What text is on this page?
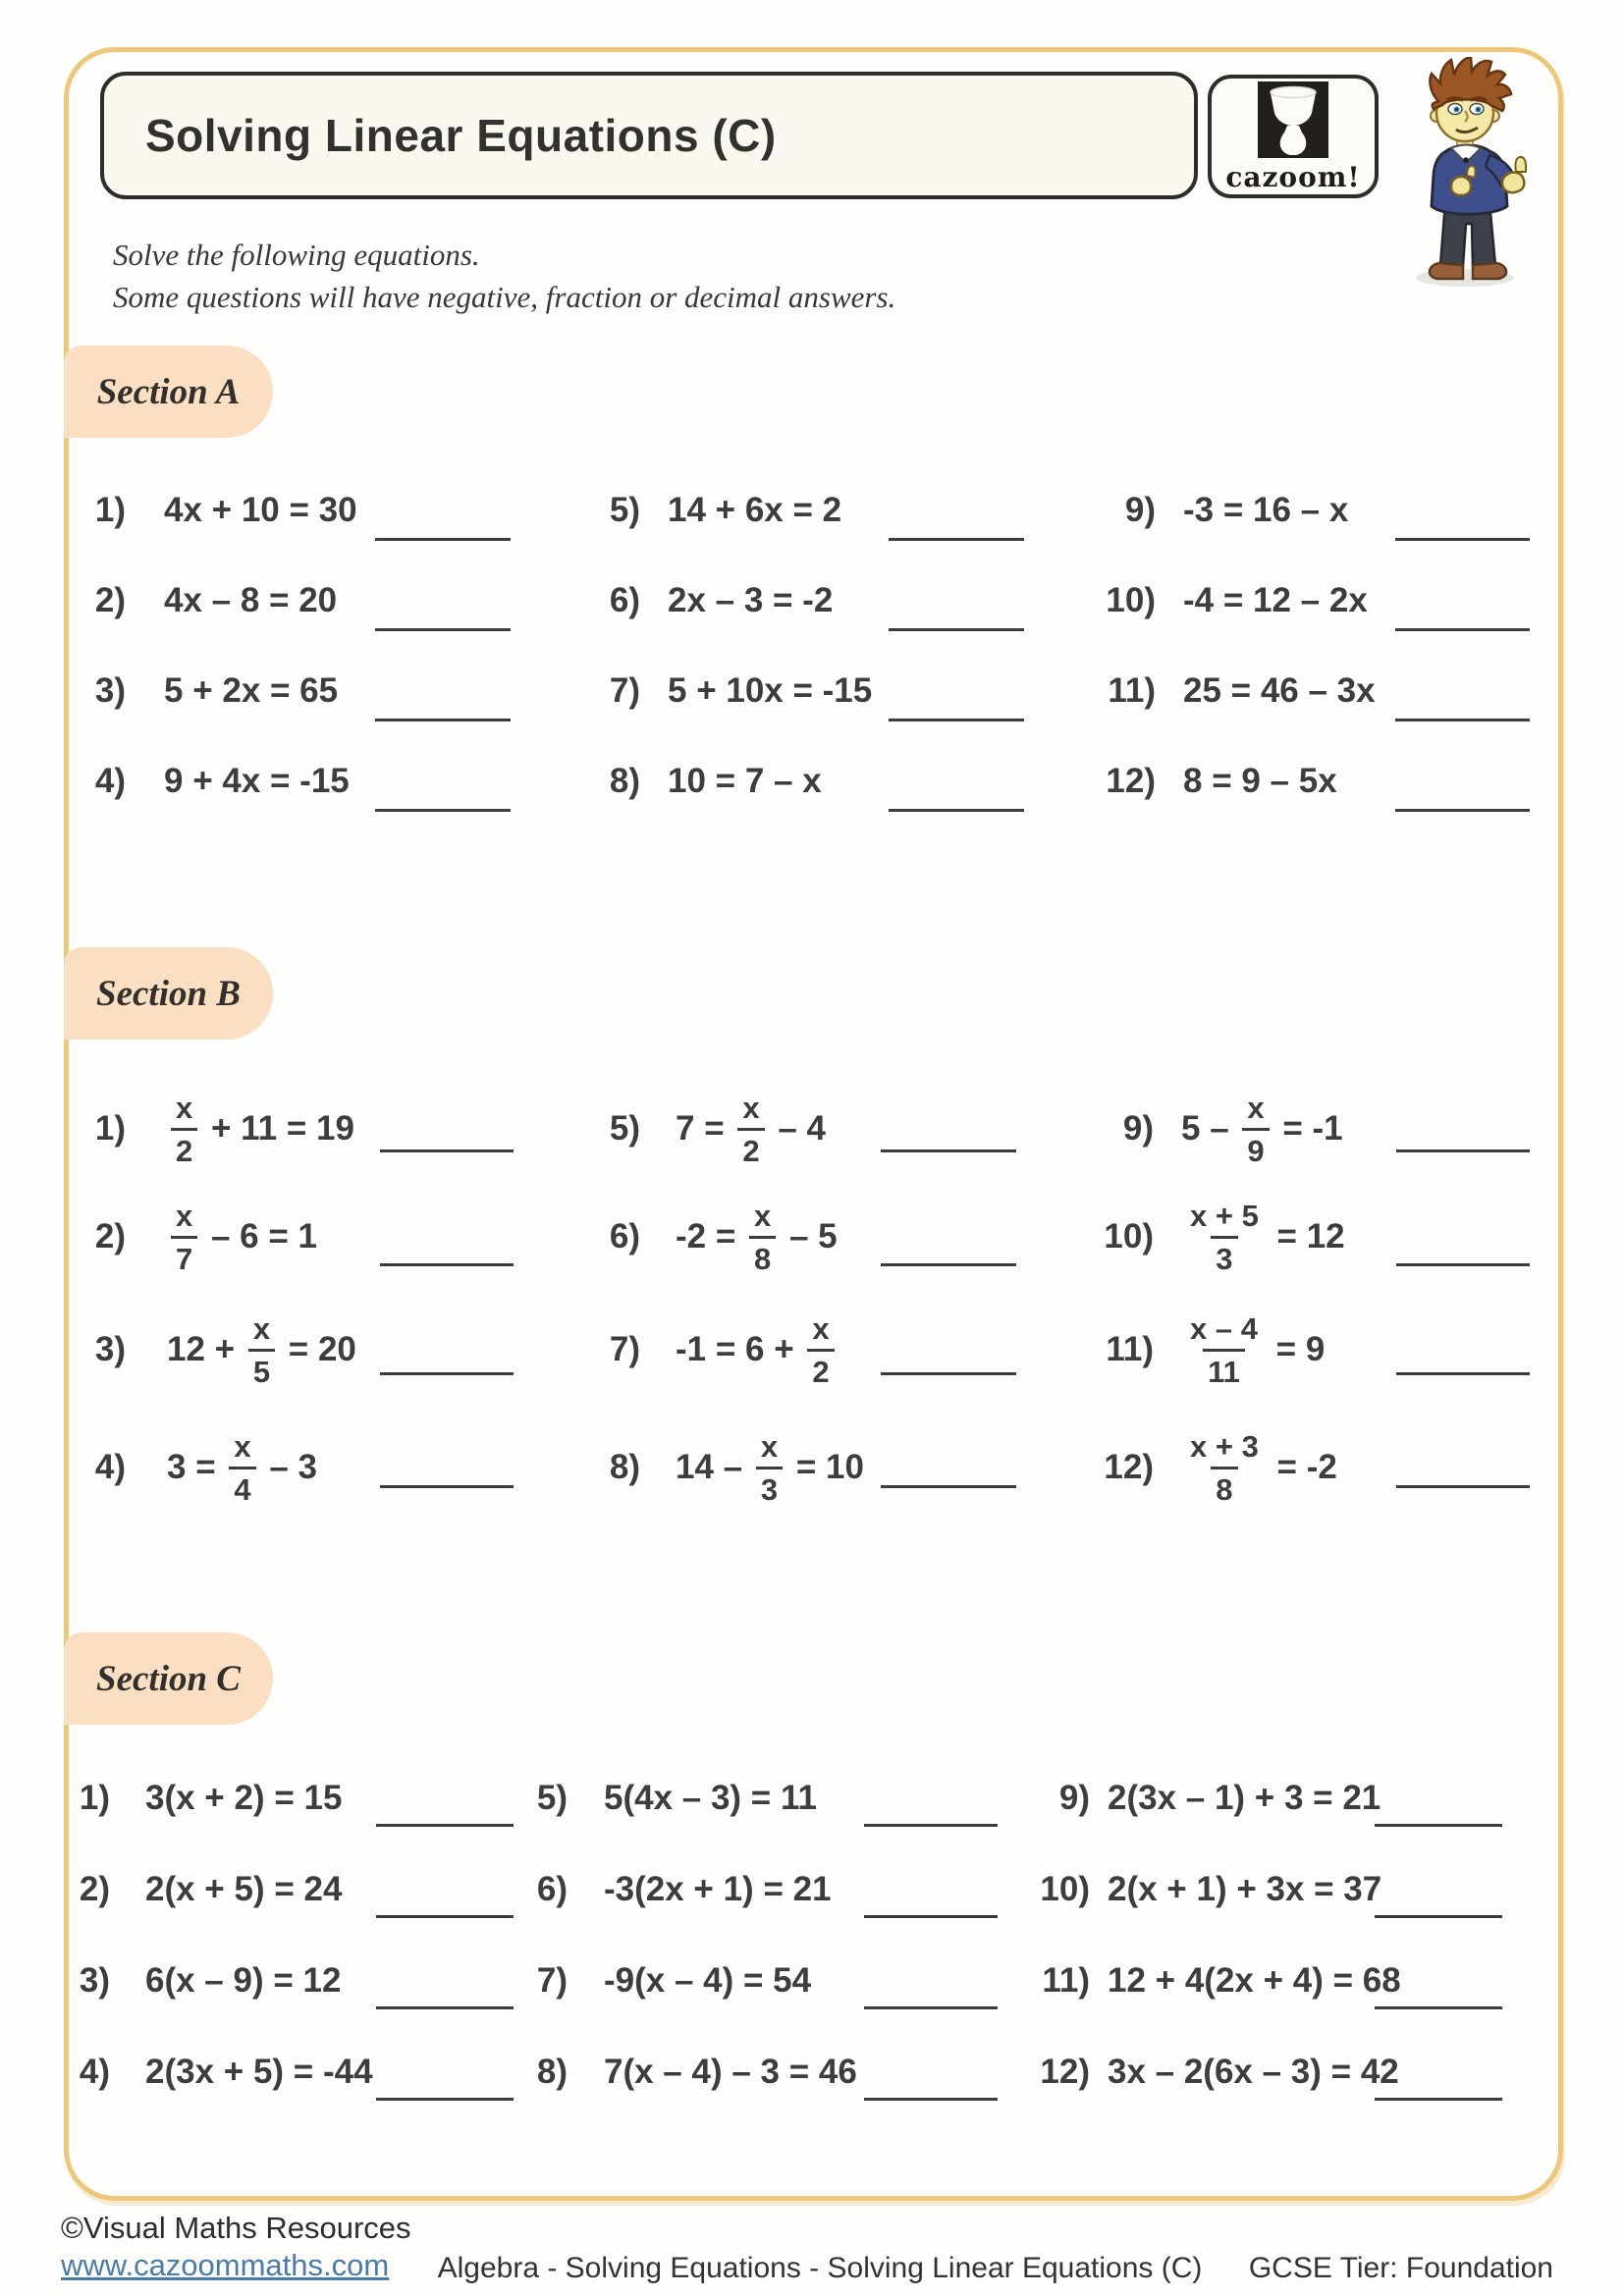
Solving Linear Equations (C)
cazoom!
Solve the following equations.
Some questions will have negative, fraction or decimal answers.
Section A
Section B
Section C
©Visual Maths Resources
www.cazoommaths.com	Algebra - Solving Equations - Solving Linear Equations (C)	GCSE Tier: Foundation
1) 4x + 10 = 30
2) 4x – 8 = 20
3) 5 + 2x = 65
4) 9 + 4x = -15
5) 14 + 6x = 2
6) 2x – 3 = -2
7) 5 + 10x = -15
8) 10 = 7 – x
9) -3 = 16 – x
10) -4 = 12 – 2x
11) 25 = 46 – 3x
12) 8 = 9 – 5x
$1) \frac{x}{2} + 11 = 19$
$2) \frac{x}{7} - 6 = 1$
3) $12 + \frac{x}{5} = 20$
4) $3 = \frac{x}{4} - 3$
5) $7 = \frac{x}{2} - 4$
6) $-2 = \frac{x}{8} - 5$
7) $-1 = 6 + \frac{x}{2}$
8) $14 - \frac{x}{3} = 10$
9) $5 - \frac{x}{9} = -1$
$10) \frac{x + 5}{3} = 12$
$11) \frac{x - 4}{11} = 9$
$12) \frac{x + 3}{8} = -2$
1) 3(x + 2) = 15
2) 2(x + 5) = 24
3) 6(x – 9) = 12
4) 2(3x + 5) = -44
5) 5(4x – 3) = 11
6) -3(2x + 1) = 21
7) -9(x – 4) = 54
8) 7(x – 4) – 3 = 46
9) 2(3x – 1) + 3 = 21
10) 2(x + 1) + 3x = 37
11) 12 + 4(2x + 4) = 68
12) 3x – 2(6x – 3) = 42
